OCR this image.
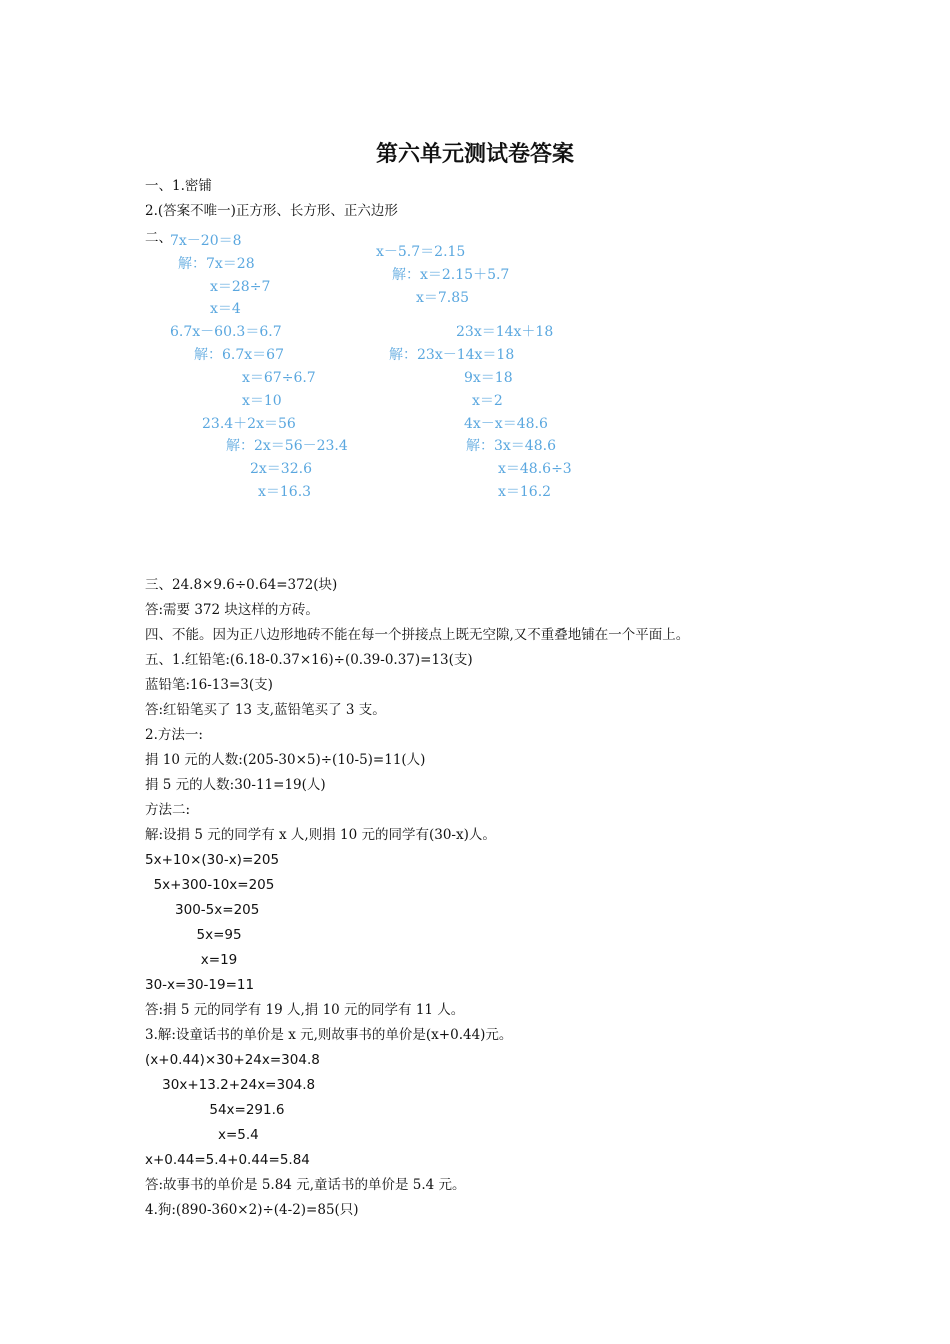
第六单元测试卷答案
一、1.密铺
2.(答案不唯一)正方形、长方形、正六边形
二、
7x－20＝8
解：7x＝28
x＝28÷7
x＝4
6.7x－60.3＝6.7
解：6.7x＝67
x＝67÷6.7
x＝10
23.4＋2x＝56
解：2x＝56－23.4
2x＝32.6
x＝16.3
x－5.7＝2.15
解：x＝2.15＋5.7
x＝7.85
23x＝14x＋18
解：23x－14x＝18
9x＝18
x＝2
4x－x＝48.6
解：3x＝48.6
x＝48.6÷3
x＝16.2
三、24.8×9.6÷0.64=372(块)
答:需要 372 块这样的方砖。
四、不能。因为正八边形地砖不能在每一个拼接点上既无空隙,又不重叠地铺在一个平面上。
五、1.红铅笔:(6.18-0.37×16)÷(0.39-0.37)=13(支)
蓝铅笔:16-13=3(支)
答:红铅笔买了 13 支,蓝铅笔买了 3 支。
2.方法一:
捐 10 元的人数:(205-30×5)÷(10-5)=11(人)
捐 5 元的人数:30-11=19(人)
方法二:
解:设捐 5 元的同学有 x 人,则捐 10 元的同学有(30-x)人。
5x+10×(30-x)=205
5x+300-10x=205
300-5x=205
5x=95
x=19
30-x=30-19=11
答:捐 5 元的同学有 19 人,捐 10 元的同学有 11 人。
3.解:设童话书的单价是 x 元,则故事书的单价是(x+0.44)元。
(x+0.44)×30+24x=304.8
30x+13.2+24x=304.8
54x=291.6
x=5.4
x+0.44=5.4+0.44=5.84
答:故事书的单价是 5.84 元,童话书的单价是 5.4 元。
4.狗:(890-360×2)÷(4-2)=85(只)
